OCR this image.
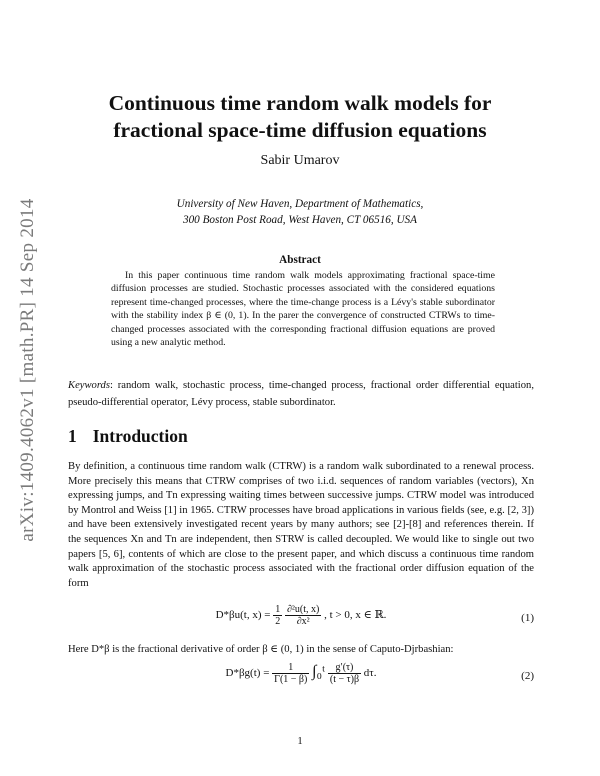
arXiv:1409.4062v1 [math.PR] 14 Sep 2014
Continuous time random walk models for
fractional space-time diffusion equations
Sabir Umarov
University of New Haven, Department of Mathematics,
300 Boston Post Road, West Haven, CT 06516, USA
Abstract
In this paper continuous time random walk models approximating fractional space-time diffusion processes are studied. Stochastic processes associated with the considered equations represent time-changed processes, where the time-change process is a Lévy's stable subordinator with the stability index β ∈ (0, 1). In the parer the convergence of constructed CTRWs to time-changed processes associated with the corresponding fractional diffusion equations are proved using a new analytic method.
Keywords: random walk, stochastic process, time-changed process, fractional order differential equation, pseudo-differential operator, Lévy process, stable subordinator.
1 Introduction
By definition, a continuous time random walk (CTRW) is a random walk subordinated to a renewal process. More precisely this means that CTRW comprises of two i.i.d. sequences of random variables (vectors), Xn expressing jumps, and Tn expressing waiting times between successive jumps. CTRW model was introduced by Montrol and Weiss [1] in 1965. CTRW processes have broad applications in various fields (see, e.g. [2, 3]) and have been extensively investigated recent years by many authors; see [2]-[8] and references therein. If the sequences Xn and Tn are independent, then STRW is called decoupled. We would like to single out two papers [5, 6], contents of which are close to the present paper, and which discuss a continuous time random walk approximation of the stochastic process associated with the fractional order diffusion equation of the form
D*βu(t, $x) = \frac{1}{2}$
$\frac{\text{∂²u(t, x)}}{\text{∂x²}}$ , t > 0, x ∈ ℝ.	(1)
Here D*β is the fractional derivative of order β ∈ (0, 1) in the sense of Caputo-Djrbashian:
$D*\beta g(t) = \frac{1}{\Gamma(1 - \beta)}$ ∫₀ᵗ $\frac{g'(\tau)}{(t - \tau)\beta} d\tau$.	(2)
1
